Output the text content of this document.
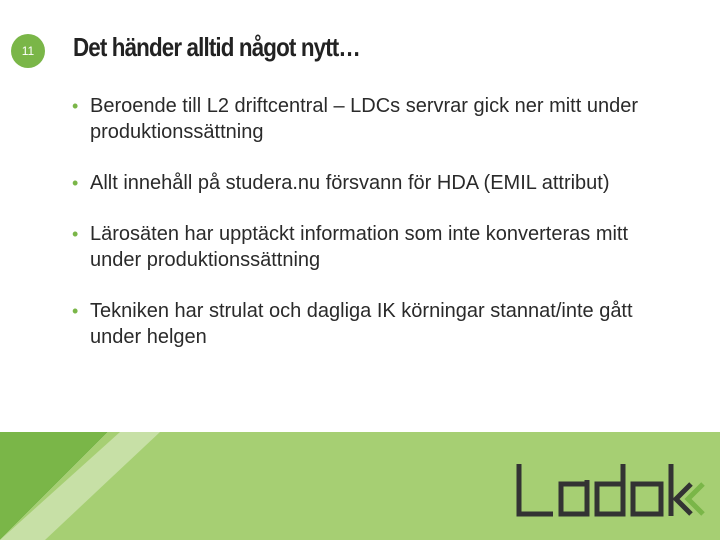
11	Det händer alltid något nytt…
• Beroende till L2 driftcentral – LDCs servrar gick ner mitt under produktionssättning
• Allt innehåll på studera.nu försvann för HDA (EMIL attribut)
• Lärosäten har upptäckt information som inte konverteras mitt under produktionssättning
• Tekniken har strulat och dagliga IK körningar stannat/inte gått under helgen
